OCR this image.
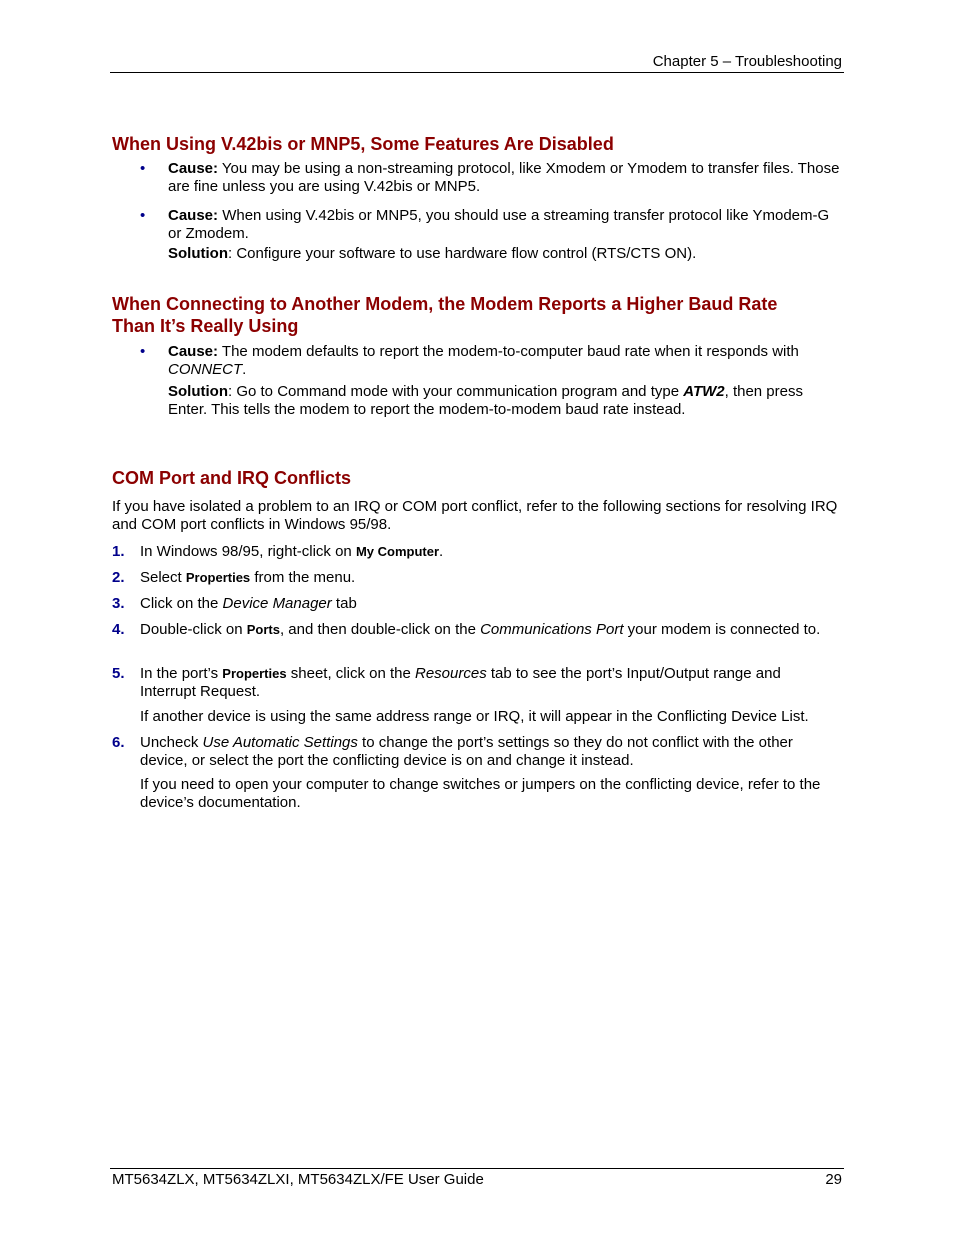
Chapter 5 – Troubleshooting
When Using V.42bis or MNP5, Some Features Are Disabled
• Cause: You may be using a non-streaming protocol, like Xmodem or Ymodem to transfer files. Those are fine unless you are using V.42bis or MNP5.
• Cause: When using V.42bis or MNP5, you should use a streaming transfer protocol like Ymodem-G or Zmodem.
Solution: Configure your software to use hardware flow control (RTS/CTS ON).
When Connecting to Another Modem, the Modem Reports a Higher Baud Rate
Than It’s Really Using
• Cause: The modem defaults to report the modem-to-computer baud rate when it responds with CONNECT.
Solution: Go to Command mode with your communication program and type ATW2, then press Enter. This tells the modem to report the modem-to-modem baud rate instead.
COM Port and IRQ Conflicts
If you have isolated a problem to an IRQ or COM port conflict, refer to the following sections for resolving IRQ and COM port conflicts in Windows 95/98.
1. In Windows 98/95, right-click on My Computer.
2. Select Properties from the menu.
3. Click on the Device Manager tab
4. Double-click on Ports, and then double-click on the Communications Port your modem is connected to.
5. In the port’s Properties sheet, click on the Resources tab to see the port’s Input/Output range and Interrupt Request.
If another device is using the same address range or IRQ, it will appear in the Conflicting Device List.
6. Uncheck Use Automatic Settings to change the port’s settings so they do not conflict with the other device, or select the port the conflicting device is on and change it instead.
If you need to open your computer to change switches or jumpers on the conflicting device, refer to the device’s documentation.
MT5634ZLX, MT5634ZLXI, MT5634ZLX/FE User Guide	29
